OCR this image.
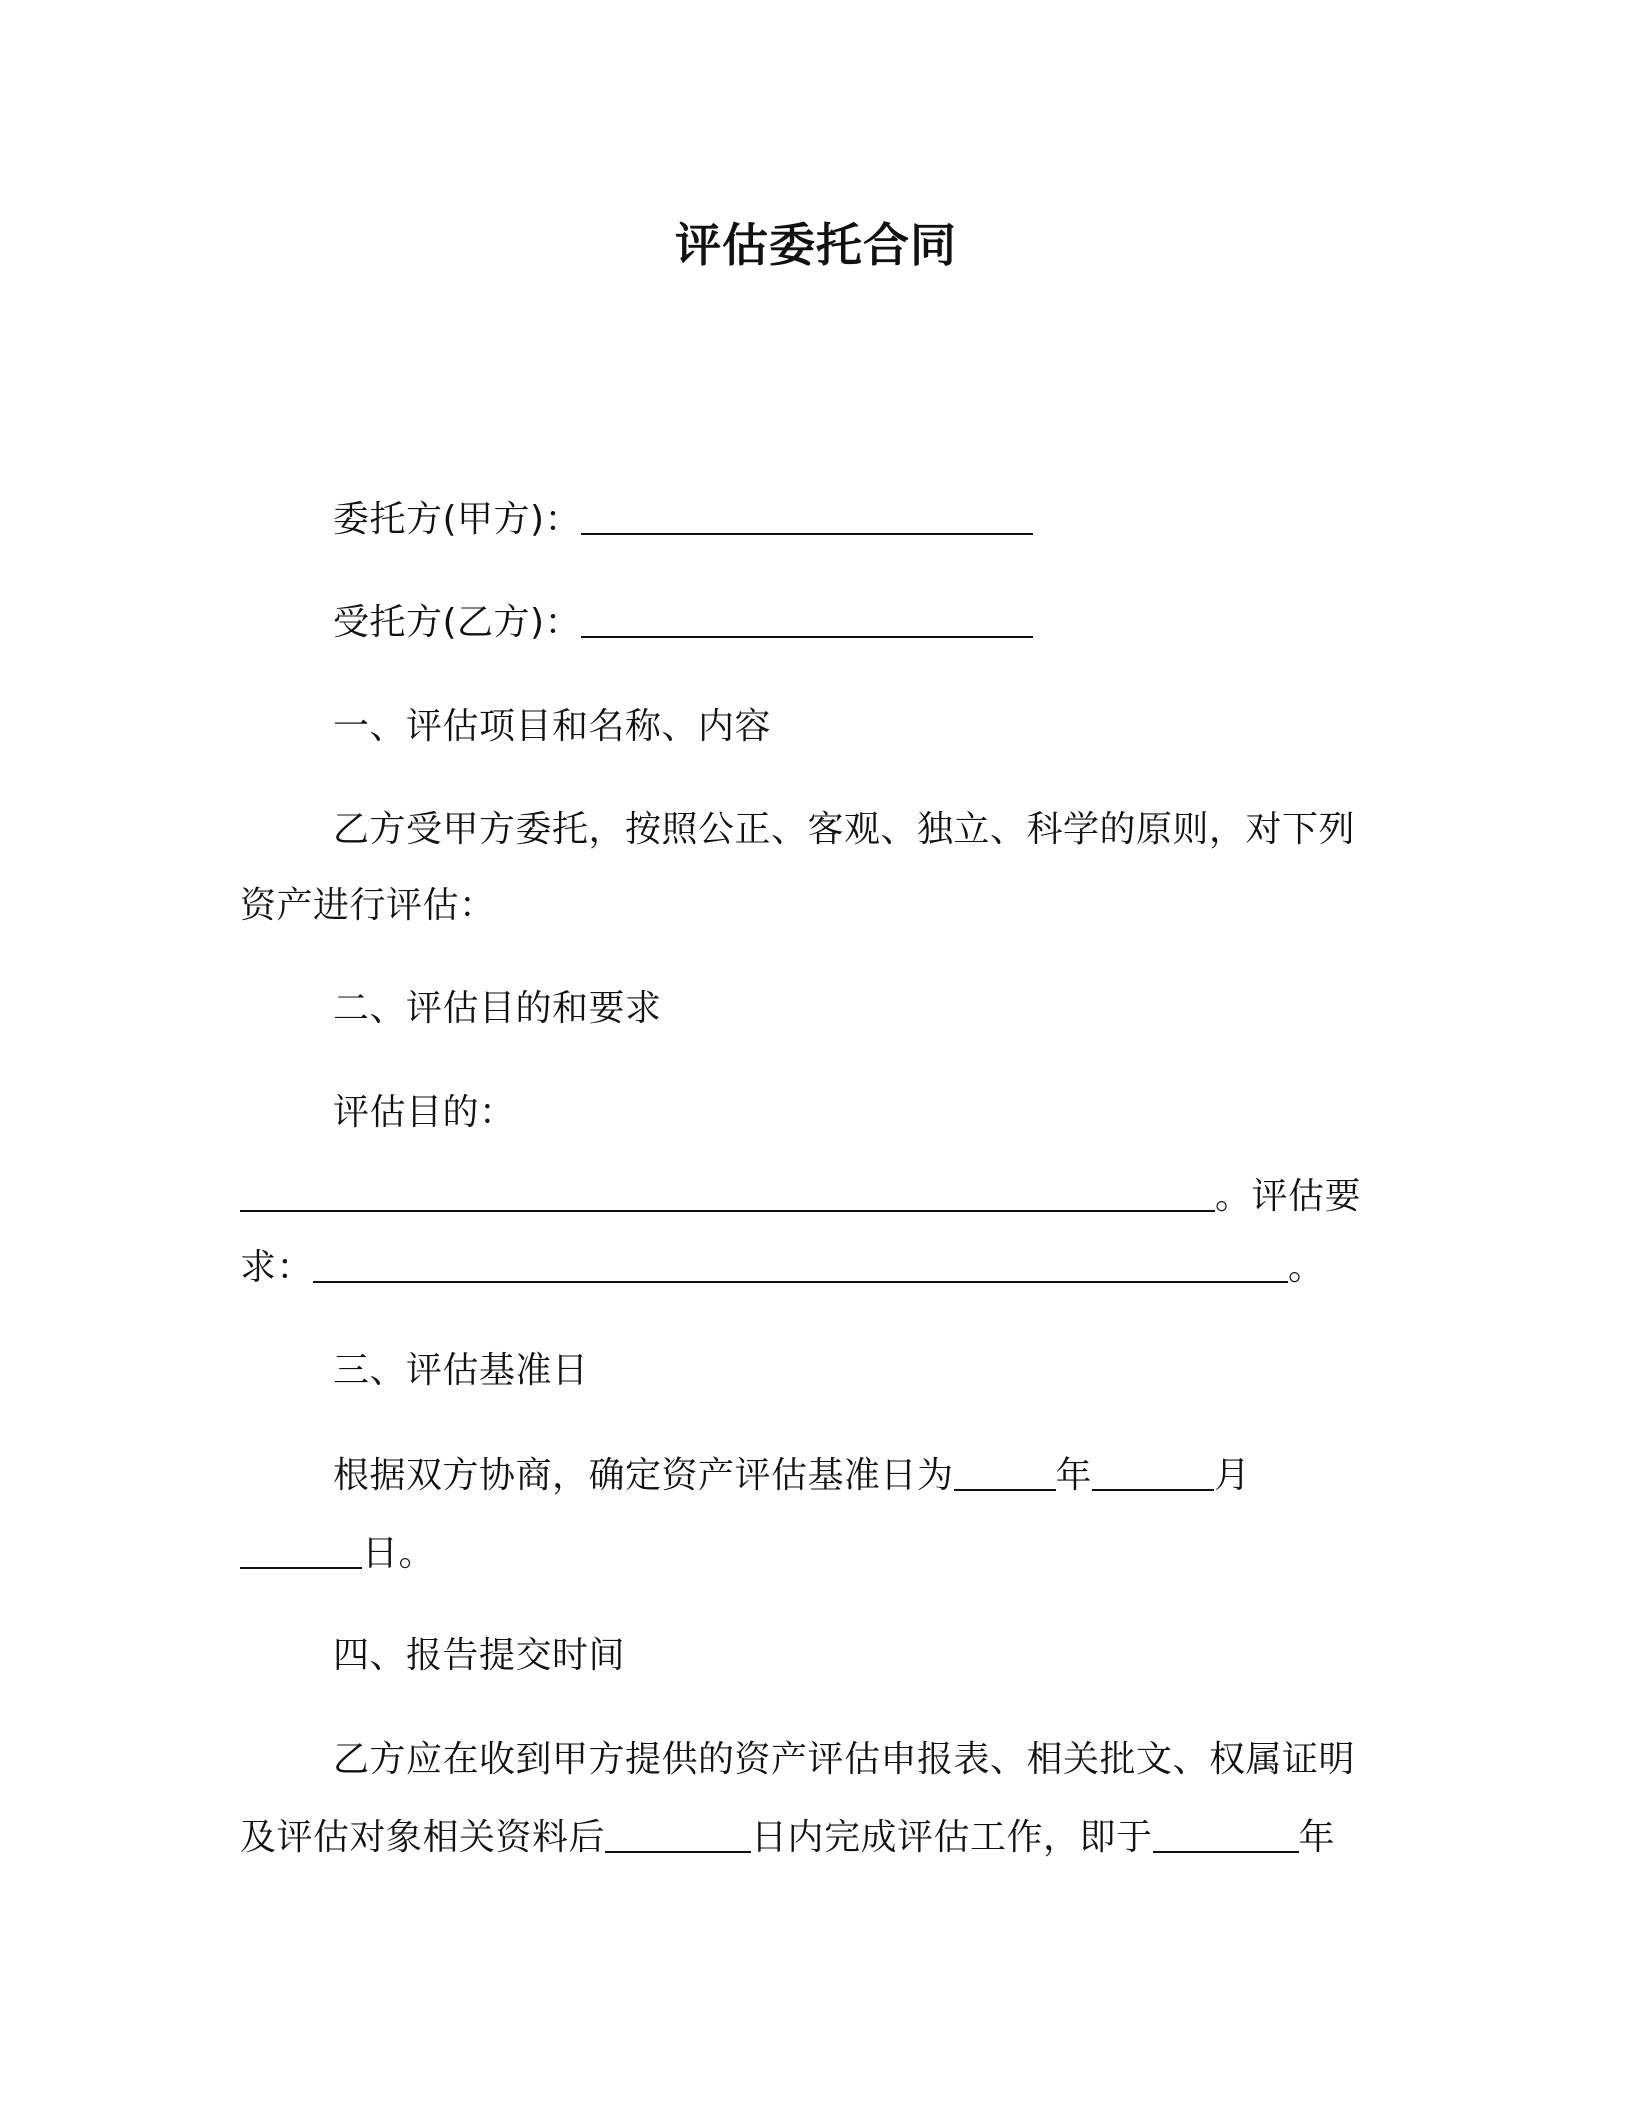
评估委托合同
委托方(甲方)：
受托方(乙方)：
一、评估项目和名称、内容
乙方受甲方委托，按照公正、客观、独立、科学的原则，对下列
资产进行评估：
二、评估目的和要求
评估目的：
。评估要
求：	。
三、评估基准日
根据双方协商，确定资产评估基准日为	年	月
日。
四、报告提交时间
乙方应在收到甲方提供的资产评估申报表、相关批文、权属证明
及评估对象相关资料后	日内完成评估工作，即于	年
